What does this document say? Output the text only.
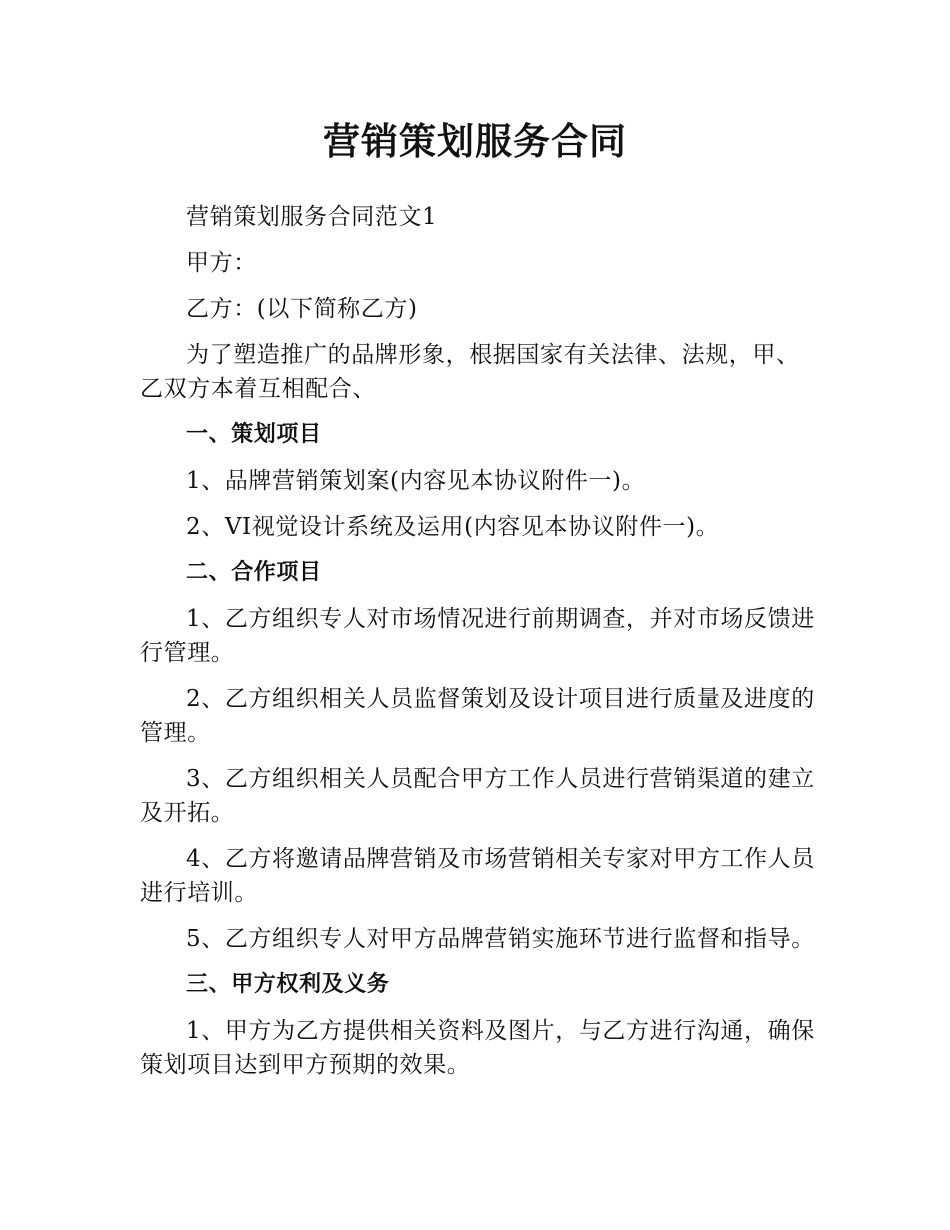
营销策划服务合同

营销策划服务合同范文1

甲方：

乙方：(以下简称乙方)

为了塑造推广的品牌形象，根据国家有关法律、法规，甲、乙双方本着互相配合、

一、策划项目

1、品牌营销策划案(内容见本协议附件一)。

2、VI视觉设计系统及运用(内容见本协议附件一)。

二、合作项目

1、乙方组织专人对市场情况进行前期调查，并对市场反馈进行管理。

2、乙方组织相关人员监督策划及设计项目进行质量及进度的管理。

3、乙方组织相关人员配合甲方工作人员进行营销渠道的建立及开拓。

4、乙方将邀请品牌营销及市场营销相关专家对甲方工作人员进行培训。

5、乙方组织专人对甲方品牌营销实施环节进行监督和指导。

三、甲方权利及义务

1、甲方为乙方提供相关资料及图片，与乙方进行沟通，确保策划项目达到甲方预期的效果。
